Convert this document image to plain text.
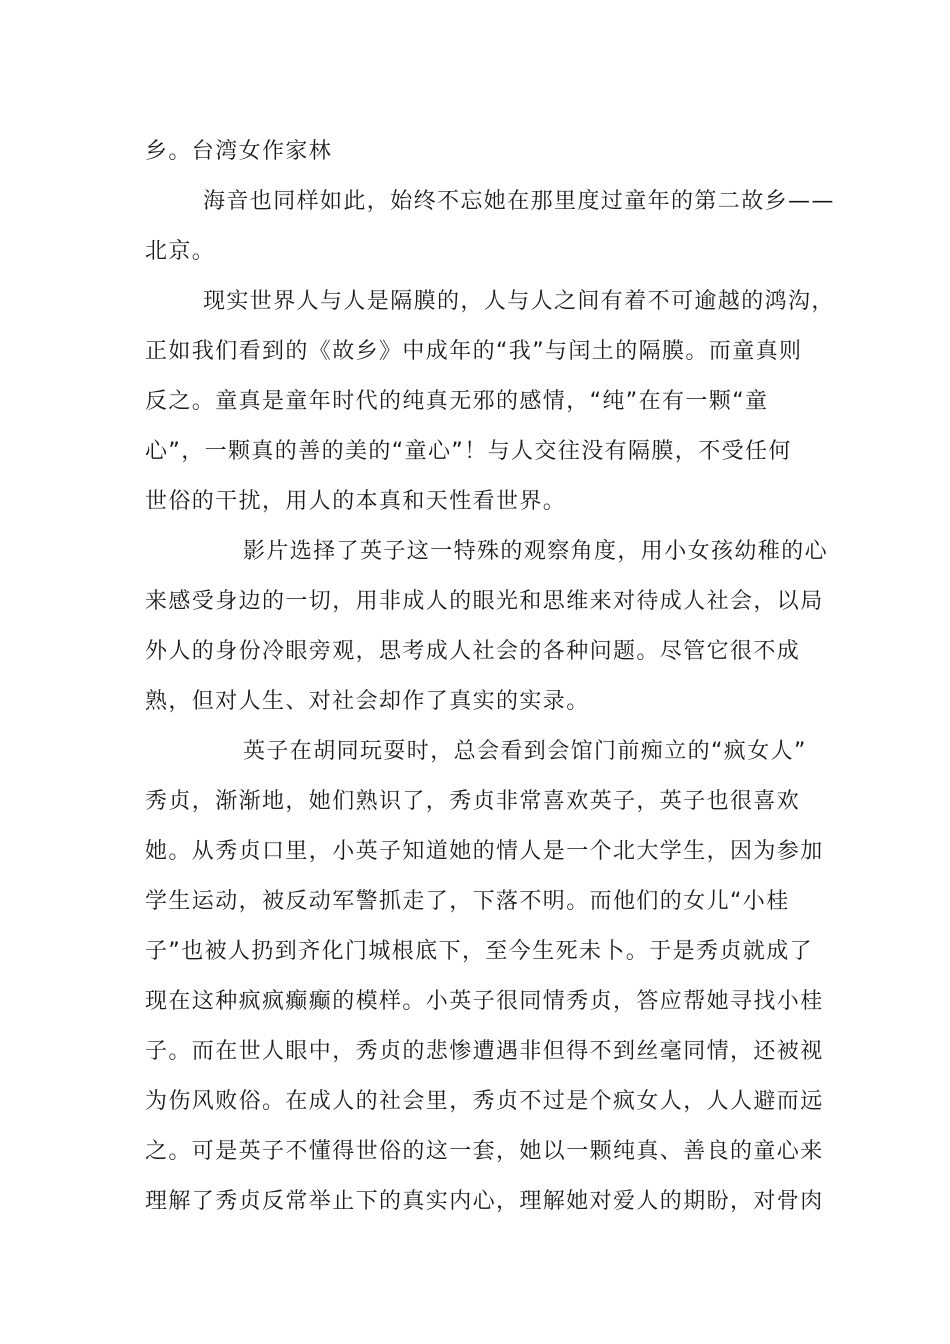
乡。台湾女作家林
海音也同样如此，始终不忘她在那里度过童年的第二故乡——
北京。
现实世界人与人是隔膜的，人与人之间有着不可逾越的鸿沟，
正如我们看到的《故乡》中成年的“我”与闰土的隔膜。而童真则
反之。童真是童年时代的纯真无邪的感情，“纯”在有一颗“童
心”，一颗真的善的美的“童心”！与人交往没有隔膜，不受任何
世俗的干扰，用人的本真和天性看世界。
影片选择了英子这一特殊的观察角度，用小女孩幼稚的心
来感受身边的一切，用非成人的眼光和思维来对待成人社会，以局
外人的身份冷眼旁观，思考成人社会的各种问题。尽管它很不成
熟，但对人生、对社会却作了真实的实录。
英子在胡同玩耍时，总会看到会馆门前痴立的“疯女人”
秀贞，渐渐地，她们熟识了，秀贞非常喜欢英子，英子也很喜欢
她。从秀贞口里，小英子知道她的情人是一个北大学生，因为参加
学生运动，被反动军警抓走了，下落不明。而他们的女儿“小桂
子”也被人扔到齐化门城根底下，至今生死未卜。于是秀贞就成了
现在这种疯疯癫癫的模样。小英子很同情秀贞，答应帮她寻找小桂
子。而在世人眼中，秀贞的悲惨遭遇非但得不到丝毫同情，还被视
为伤风败俗。在成人的社会里，秀贞不过是个疯女人，人人避而远
之。可是英子不懂得世俗的这一套，她以一颗纯真、善良的童心来
理解了秀贞反常举止下的真实内心，理解她对爱人的期盼，对骨肉
